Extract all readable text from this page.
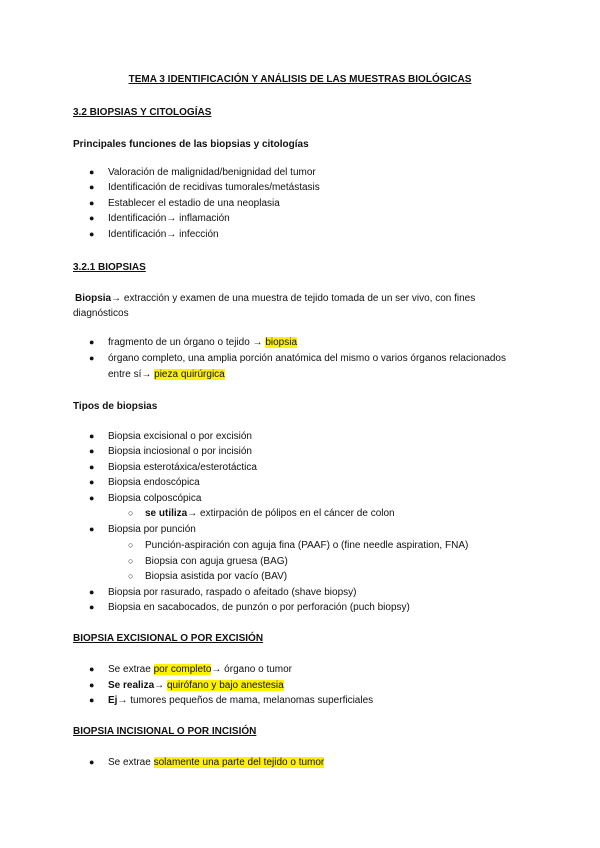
TEMA 3 IDENTIFICACIÓN Y ANÁLISIS DE LAS MUESTRAS BIOLÓGICAS
3.2 BIOPSIAS Y CITOLOGÍAS
Principales funciones de las biopsias y citologías
● Valoración de malignidad/benignidad del tumor
● Identificación de recidivas tumorales/metástasis
● Establecer el estadio de una neoplasia
● Identificación→ inflamación
● Identificación→ infección
3.2.1 BIOPSIAS
Biopsia→ extracción y examen de una muestra de tejido tomada de un ser vivo, con fines
diagnósticos
● fragmento de un órgano o tejido → biopsia
● órgano completo, una amplia porción anatómica del mismo o varios órganos relacionados
entre sí→ pieza quirúrgica
Tipos de biopsias
● Biopsia excisional o por excisión
● Biopsia inciosional o por incisión
● Biopsia esterotáxica/esterotáctica
● Biopsia endoscópica
● Biopsia colposcópica
○ se utiliza→ extirpación de pólipos en el cáncer de colon
● Biopsia por punción
○ Punción-aspiración con aguja fina (PAAF) o (fine needle aspiration, FNA)
○ Biopsia con aguja gruesa (BAG)
○ Biopsia asistida por vacío (BAV)
● Biopsia por rasurado, raspado o afeitado (shave biopsy)
● Biopsia en sacabocados, de punzón o por perforación (puch biopsy)
BIOPSIA EXCISIONAL O POR EXCISIÓN
● Se extrae por completo→ órgano o tumor
● Se realiza→ quirófano y bajo anestesia
● Ej→ tumores pequeños de mama, melanomas superficiales
BIOPSIA INCISIONAL O POR INCISIÓN
● Se extrae solamente una parte del tejido o tumor
